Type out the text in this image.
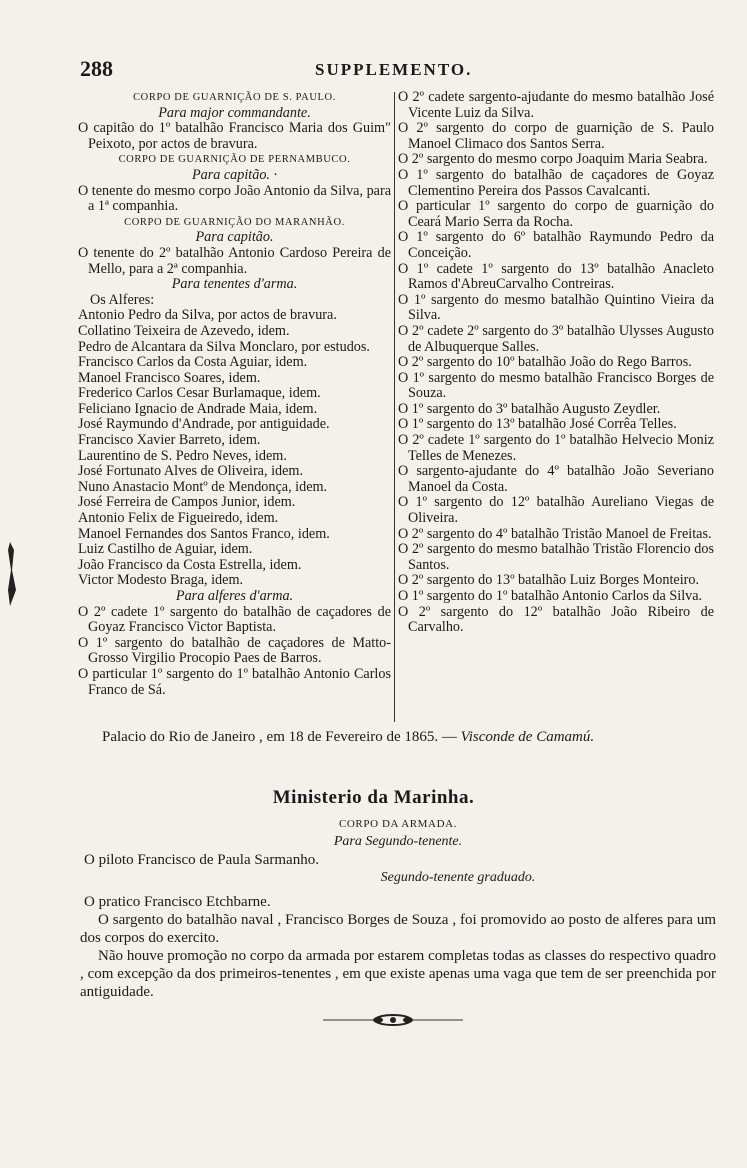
288	SUPPLEMENTO.
CORPO DE GUARNIÇÃO DE S. PAULO.
Para major commandante.
O capitão do 1º batalhão Francisco Maria dos Guim″ Peixoto, por actos de bravura.
CORPO DE GUARNIÇÃO DE PERNAMBUCO.
Para capitão. ·
O tenente do mesmo corpo João Antonio da Silva, para a 1ª companhia.
CORPO DE GUARNIÇÃO DO MARANHÃO.
Para capitão.
O tenente do 2º batalhão Antonio Cardoso Pereira de Mello, para a 2ª companhia.
Para tenentes d'arma.
Os Alferes:
Antonio Pedro da Silva, por actos de bravura.
Collatino Teixeira de Azevedo, idem.
Pedro de Alcantara da Silva Monclaro, por estudos.
Francisco Carlos da Costa Aguiar, idem.
Manoel Francisco Soares, idem.
Frederico Carlos Cesar Burlamaque, idem.
Feliciano Ignacio de Andrade Maia, idem.
José Raymundo d'Andrade, por antiguidade.
Francisco Xavier Barreto, idem.
Laurentino de S. Pedro Neves, idem.
José Fortunato Alves de Oliveira, idem.
Nuno Anastacio Montº de Mendonça, idem.
José Ferreira de Campos Junior, idem.
Antonio Felix de Figueiredo, idem.
Manoel Fernandes dos Santos Franco, idem.
Luiz Castilho de Aguiar, idem.
João Francisco da Costa Estrella, idem.
Victor Modesto Braga, idem.
Para alferes d'arma.
O 2º cadete 1º sargento do batalhão de caçadores de Goyaz Francisco Victor Baptista.
O 1º sargento do batalhão de caçadores de Matto-Grosso Virgilio Procopio Paes de Barros.
O particular 1º sargento do 1º batalhão Antonio Carlos Franco de Sá.
O 2º cadete sargento-ajudante do mesmo batalhão José Vicente Luiz da Silva.
O 2º sargento do corpo de guarnição de S. Paulo Manoel Climaco dos Santos Serra.
O 2º sargento do mesmo corpo Joaquim Maria Seabra.
O 1º sargento do batalhão de caçadores de Goyaz Clementino Pereira dos Passos Cavalcanti.
O particular 1º sargento do corpo de guarnição do Ceará Mario Serra da Rocha.
O 1º sargento do 6º batalhão Raymundo Pedro da Conceição.
O 1º cadete 1º sargento do 13º batalhão Anacleto Ramos d'AbreuCarvalho Contreiras.
O 1º sargento do mesmo batalhão Quintino Vieira da Silva.
O 2º cadete 2º sargento do 3º batalhão Ulysses Augusto de Albuquerque Salles.
O 2º sargento do 10º batalhão João do Rego Barros.
O 1º sargento do mesmo batalhão Francisco Borges de Souza.
O 1º sargento do 3º batalhão Augusto Zeydler.
O 1º sargento do 13º batalhão José Corrêa Telles.
O 2º cadete 1º sargento do 1º batalhão Helvecio Moniz Telles de Menezes.
O sargento-ajudante do 4º batalhão João Severiano Manoel da Costa.
O 1º sargento do 12º batalhão Aureliano Viegas de Oliveira.
O 2º sargento do 4º batalhão Tristão Manoel de Freitas.
O 2º sargento do mesmo batalhão Tristão Florencio dos Santos.
O 2º sargento do 13º batalhão Luiz Borges Monteiro.
O 1º sargento do 1º batalhão Antonio Carlos da Silva.
O 2º sargento do 12º batalhão João Ribeiro de Carvalho.
Palacio do Rio de Janeiro , em 18 de Fevereiro de 1865. — Visconde de Camamú.
Ministerio da Marinha.
CORPO DA ARMADA.
Para Segundo-tenente.
O piloto Francisco de Paula Sarmanho.
Segundo-tenente graduado.
O pratico Francisco Etchbarne.
O sargento do batalhão naval , Francisco Borges de Souza , foi promovido ao posto de alferes para um dos corpos do exercito.
Não houve promoção no corpo da armada por estarem completas todas as classes do respectivo quadro , com excepção da dos primeiros-tenentes , em que existe apenas uma vaga que tem de ser preenchida por antiguidade.
